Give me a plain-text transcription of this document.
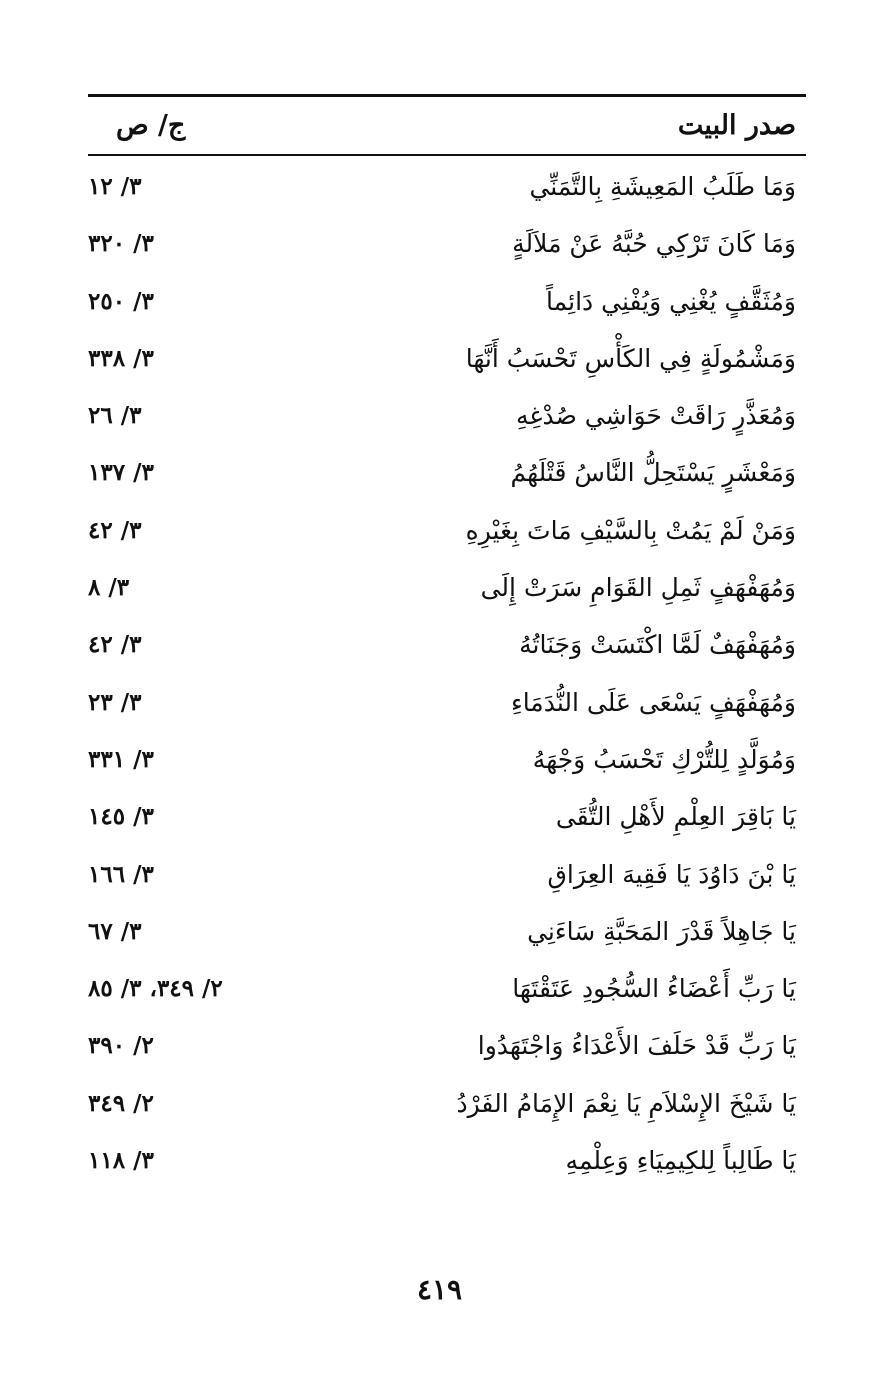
صدر البيت
ج/ ص
وَمَا طَلَبُ المَعِيشَةِ بِالتَّمَنِّي
٣/ ١٢
وَمَا كَانَ تَرْكِي حُبَّهُ عَنْ مَلاَلَةٍ
٣/ ٣٢٠
وَمُثَقَّفٍ يُغْنِي وَيُفْنِي دَائِماً
٣/ ٢٥٠
وَمَشْمُولَةٍ فِي الكَأْسِ تَحْسَبُ أَنَّهَا
٣/ ٣٣٨
وَمُعَذَّرٍ رَاقَتْ حَوَاشِي صُدْغِهِ
٣/ ٢٦
وَمَعْشَرٍ يَسْتَحِلُّ النَّاسُ قَتْلَهُمُ
٣/ ١٣٧
وَمَنْ لَمْ يَمُتْ بِالسَّيْفِ مَاتَ بِغَيْرِهِ
٣/ ٤٢
وَمُهَفْهَفٍ ثَمِلِ القَوَامِ سَرَتْ إِلَى
٣/ ٨
وَمُهَفْهَفٌ لَمَّا اكْتَسَتْ وَجَنَاتُهُ
٣/ ٤٢
وَمُهَفْهَفٍ يَسْعَى عَلَى النُّدَمَاءِ
٣/ ٢٣
وَمُوَلَّدٍ لِلتُّرْكِ تَحْسَبُ وَجْهَهُ
٣/ ٣٣١
يَا بَاقِرَ العِلْمِ لأَهْلِ التُّقَى
٣/ ١٤٥
يَا بْنَ دَاوُدَ يَا فَقِيهَ العِرَاقِ
٣/ ١٦٦
يَا جَاهِلاً قَدْرَ المَحَبَّةِ سَاءَنِي
٣/ ٦٧
يَا رَبِّ أَعْضَاءُ السُّجُودِ عَتَقْتَهَا
٢/ ٣٤٩، ٣/ ٨٥
يَا رَبِّ قَدْ حَلَفَ الأَعْدَاءُ وَاجْتَهَدُوا
٢/ ٣٩٠
يَا شَيْخَ الإِسْلاَمِ يَا نِعْمَ الإِمَامُ الفَرْدُ
٢/ ٣٤٩
يَا طَالِباً لِلكِيمِيَاءِ وَعِلْمِهِ
٣/ ١١٨
٤١٩
